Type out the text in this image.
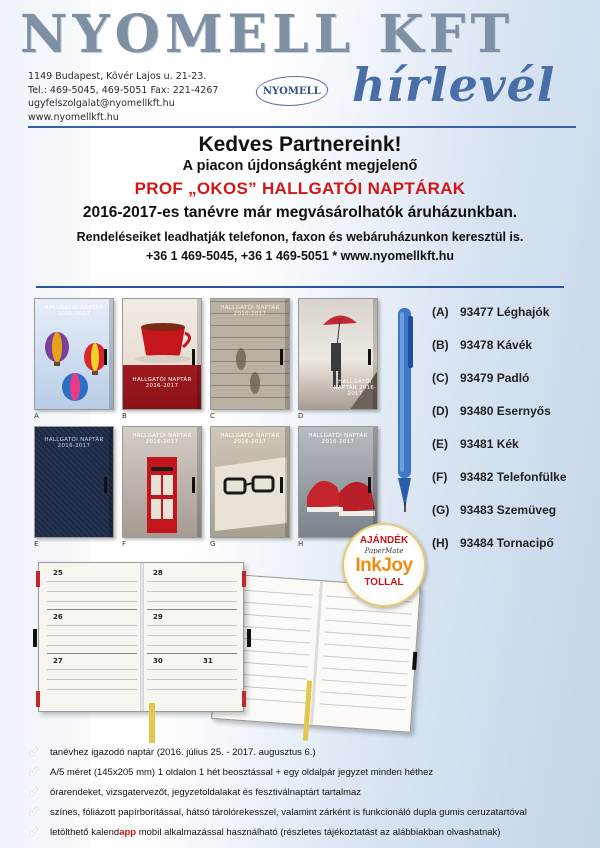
NYOMELL KFT
1149 Budapest, Kövér Lajos u. 21-23.
Tel.: 469-5045, 469-5051 Fax: 221-4267
ugyfelszolgalat@nyomellkft.hu
www.nyomellkft.hu
NYOMELL hírlevél
Kedves Partnereink!
A piacon újdonságként megjelenő
PROF „OKOS” HALLGATÓI NAPTÁRAK
2016-2017-es tanévre már megvásárolhatók áruházunkban.
Rendeléseiket leadhatják telefonon, faxon és webáruházunkon keresztül is.
+36 1 469-5045, +36 1 469-5051 * www.nyomellkft.hu
HALLGATÓI NAPTÁR 2016-2017
A
HALLGATÓI NAPTÁR 2016-2017
B
HALLGATÓI NAPTÁR 2016-2017
C
HALLGATÓI NAPTÁR 2016-2017
D
HALLGATÓI NAPTÁR 2016-2017
E
HALLGATÓI NAPTÁR 2016-2017
F
HALLGATÓI NAPTÁR 2016-2017
G
HALLGATÓI NAPTÁR 2016-2017
H
(A) 93477 Léghajók
(B) 93478 Kávék
(C) 93479 Padló
(D) 93480 Esernyős
(E) 93481 Kék
(F) 93482 Telefonfülke
(G) 93483 Szemüveg
(H) 93484 Tornacipő
25
26
27
28
29
30	31
AJÁNDÉK
PaperMate
InkJoy
TOLLAL
✓ tanévhez igazodó naptár (2016. július 25. - 2017. augusztus 6.)
✓ A/5 méret (145x205 mm) 1 oldalon 1 hét beosztással + egy oldalpár jegyzet minden héthez
✓ órarendeket, vizsgatervezőt, jegyzetoldalakat és fesztiválnaptárt tartalmaz
✓ színes, fóliázott papírborítással, hátsó tárolórekesszel, valamint zárként is funkcionáló dupla gumis ceruzatartóval
✓ letölthető kalendapp mobil alkalmazással használható (részletes tájékoztatást az alábbiakban olvashatnak)
